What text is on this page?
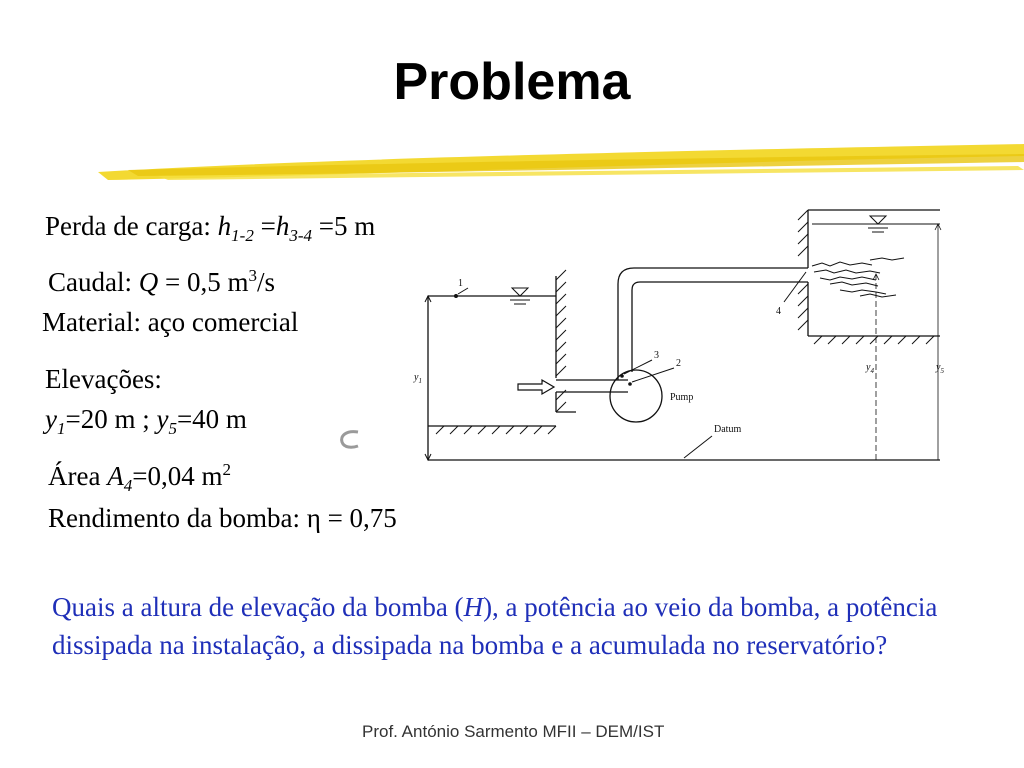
Problema
Perda de carga: $h_{1-2} =h_{3-4} =5$ m
Caudal: Q = 0,5 $m^3/s$
Material: aço comercial
Elevações:
$y_1=20$ m ; $y_5=40$ m
Área $A_4=0,04$ $m^2$
Rendimento da bomba: η = 0,75
1
$y_1$
Pump
3
2
4
$y_4$	$y_5$
Datum
Quais a altura de elevação da bomba (H), a potência ao veio da bomba, a potência dissipada na instalação, a dissipada na bomba e a acumulada no reservatório?
Prof. António Sarmento MFII – DEM/IST
